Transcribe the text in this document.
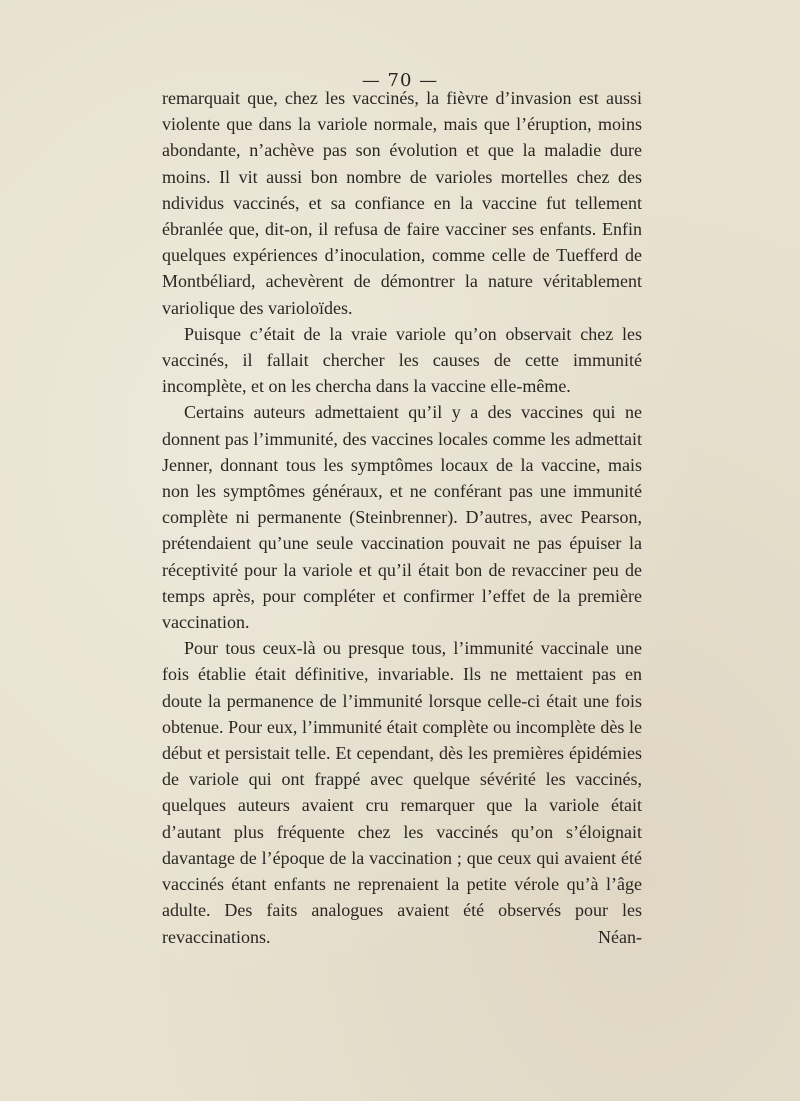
— 70 —

remarquait que, chez les vaccinés, la fièvre d’invasion est aussi violente que dans la variole normale, mais que l’éruption, moins abondante, n’achève pas son évolution et que la maladie dure moins. Il vit aussi bon nombre de varioles mortelles chez des ndividus vaccinés, et sa confiance en la vaccine fut tellement ébranlée que, dit-on, il refusa de faire vacciner ses enfants. Enfin quelques expériences d’inoculation, comme celle de Tuefferd de Montbéliard, achevèrent de démontrer la nature véritablement variolique des varioloïdes.

Puisque c’était de la vraie variole qu’on observait chez les vaccinés, il fallait chercher les causes de cette immunité incomplète, et on les chercha dans la vaccine elle-même.

Certains auteurs admettaient qu’il y a des vaccines qui ne donnent pas l’immunité, des vaccines locales comme les admettait Jenner, donnant tous les symptômes locaux de la vaccine, mais non les symptômes généraux, et ne conférant pas une immunité complète ni permanente (Steinbrenner). D’autres, avec Pearson, prétendaient qu’une seule vaccination pouvait ne pas épuiser la réceptivité pour la variole et qu’il était bon de revacciner peu de temps après, pour compléter et confirmer l’effet de la première vaccination.

Pour tous ceux-là ou presque tous, l’immunité vaccinale une fois établie était définitive, invariable. Ils ne mettaient pas en doute la permanence de l’immunité lorsque celle-ci était une fois obtenue. Pour eux, l’immunité était complète ou incomplète dès le début et persistait telle. Et cependant, dès les premières épidémies de variole qui ont frappé avec quelque sévérité les vaccinés, quelques auteurs avaient cru remarquer que la variole était d’autant plus fréquente chez les vaccinés qu’on s’éloignait davantage de l’époque de la vaccination ; que ceux qui avaient été vaccinés étant enfants ne reprenaient la petite vérole qu’à l’âge adulte. Des faits analogues avaient été observés pour les revaccinations. Néan-
